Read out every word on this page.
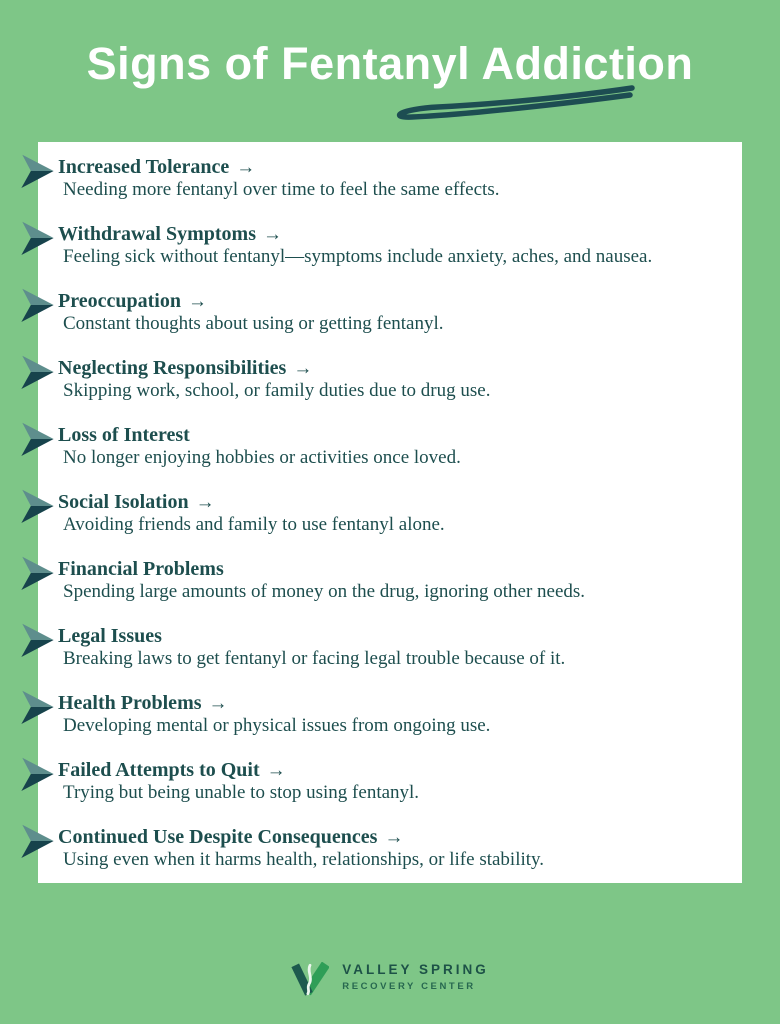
Signs of Fentanyl Addiction
Increased Tolerance →
Needing more fentanyl over time to feel the same effects.
Withdrawal Symptoms →
Feeling sick without fentanyl—symptoms include anxiety, aches, and nausea.
Preoccupation →
Constant thoughts about using or getting fentanyl.
Neglecting Responsibilities →
Skipping work, school, or family duties due to drug use.
Loss of Interest
No longer enjoying hobbies or activities once loved.
Social Isolation →
Avoiding friends and family to use fentanyl alone.
Financial Problems
Spending large amounts of money on the drug, ignoring other needs.
Legal Issues
Breaking laws to get fentanyl or facing legal trouble because of it.
Health Problems →
Developing mental or physical issues from ongoing use.
Failed Attempts to Quit →
Trying but being unable to stop using fentanyl.
Continued Use Despite Consequences →
Using even when it harms health, relationships, or life stability.
VALLEY SPRING
RECOVERY CENTER
